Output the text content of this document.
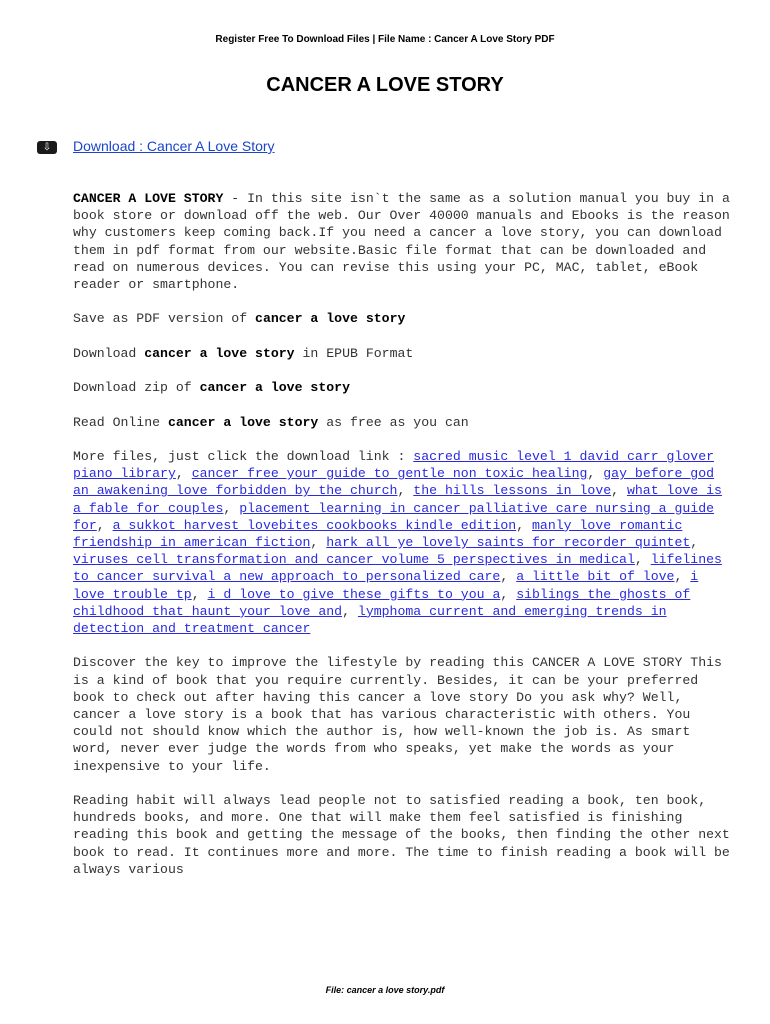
Register Free To Download Files | File Name : Cancer A Love Story PDF
CANCER A LOVE STORY
⇩	Download : Cancer A Love Story

CANCER A LOVE STORY - In this site isn`t the same as a solution manual you buy in a book store or download off the web. Our Over 40000 manuals and Ebooks is the reason why customers keep coming back.If you need a cancer a love story, you can download them in pdf format from our website.Basic file format that can be downloaded and read on numerous devices. You can revise this using your PC, MAC, tablet, eBook reader or smartphone.

Save as PDF version of cancer a love story

Download cancer a love story in EPUB Format

Download zip of cancer a love story

Read Online cancer a love story as free as you can

More files, just click the download link : sacred music level 1 david carr glover piano library, cancer free your guide to gentle non toxic healing, gay before god an awakening love forbidden by the church, the hills lessons in love, what love is a fable for couples, placement learning in cancer palliative care nursing a guide for, a sukkot harvest lovebites cookbooks kindle edition, manly love romantic friendship in american fiction, hark all ye lovely saints for recorder quintet, viruses cell transformation and cancer volume 5 perspectives in medical, lifelines to cancer survival a new approach to personalized care, a little bit of love, i love trouble tp, i d love to give these gifts to you a, siblings the ghosts of childhood that haunt your love and, lymphoma current and emerging trends in detection and treatment cancer

Discover the key to improve the lifestyle by reading this CANCER A LOVE STORY This is a kind of book that you require currently. Besides, it can be your preferred book to check out after having this cancer a love story Do you ask why? Well, cancer a love story is a book that has various characteristic with others. You could not should know which the author is, how well-known the job is. As smart word, never ever judge the words from who speaks, yet make the words as your inexpensive to your life.

Reading habit will always lead people not to satisfied reading a book, ten book, hundreds books, and more. One that will make them feel satisfied is finishing reading this book and getting the message of the books, then finding the other next book to read. It continues more and more. The time to finish reading a book will be always various

File: cancer a love story.pdf
